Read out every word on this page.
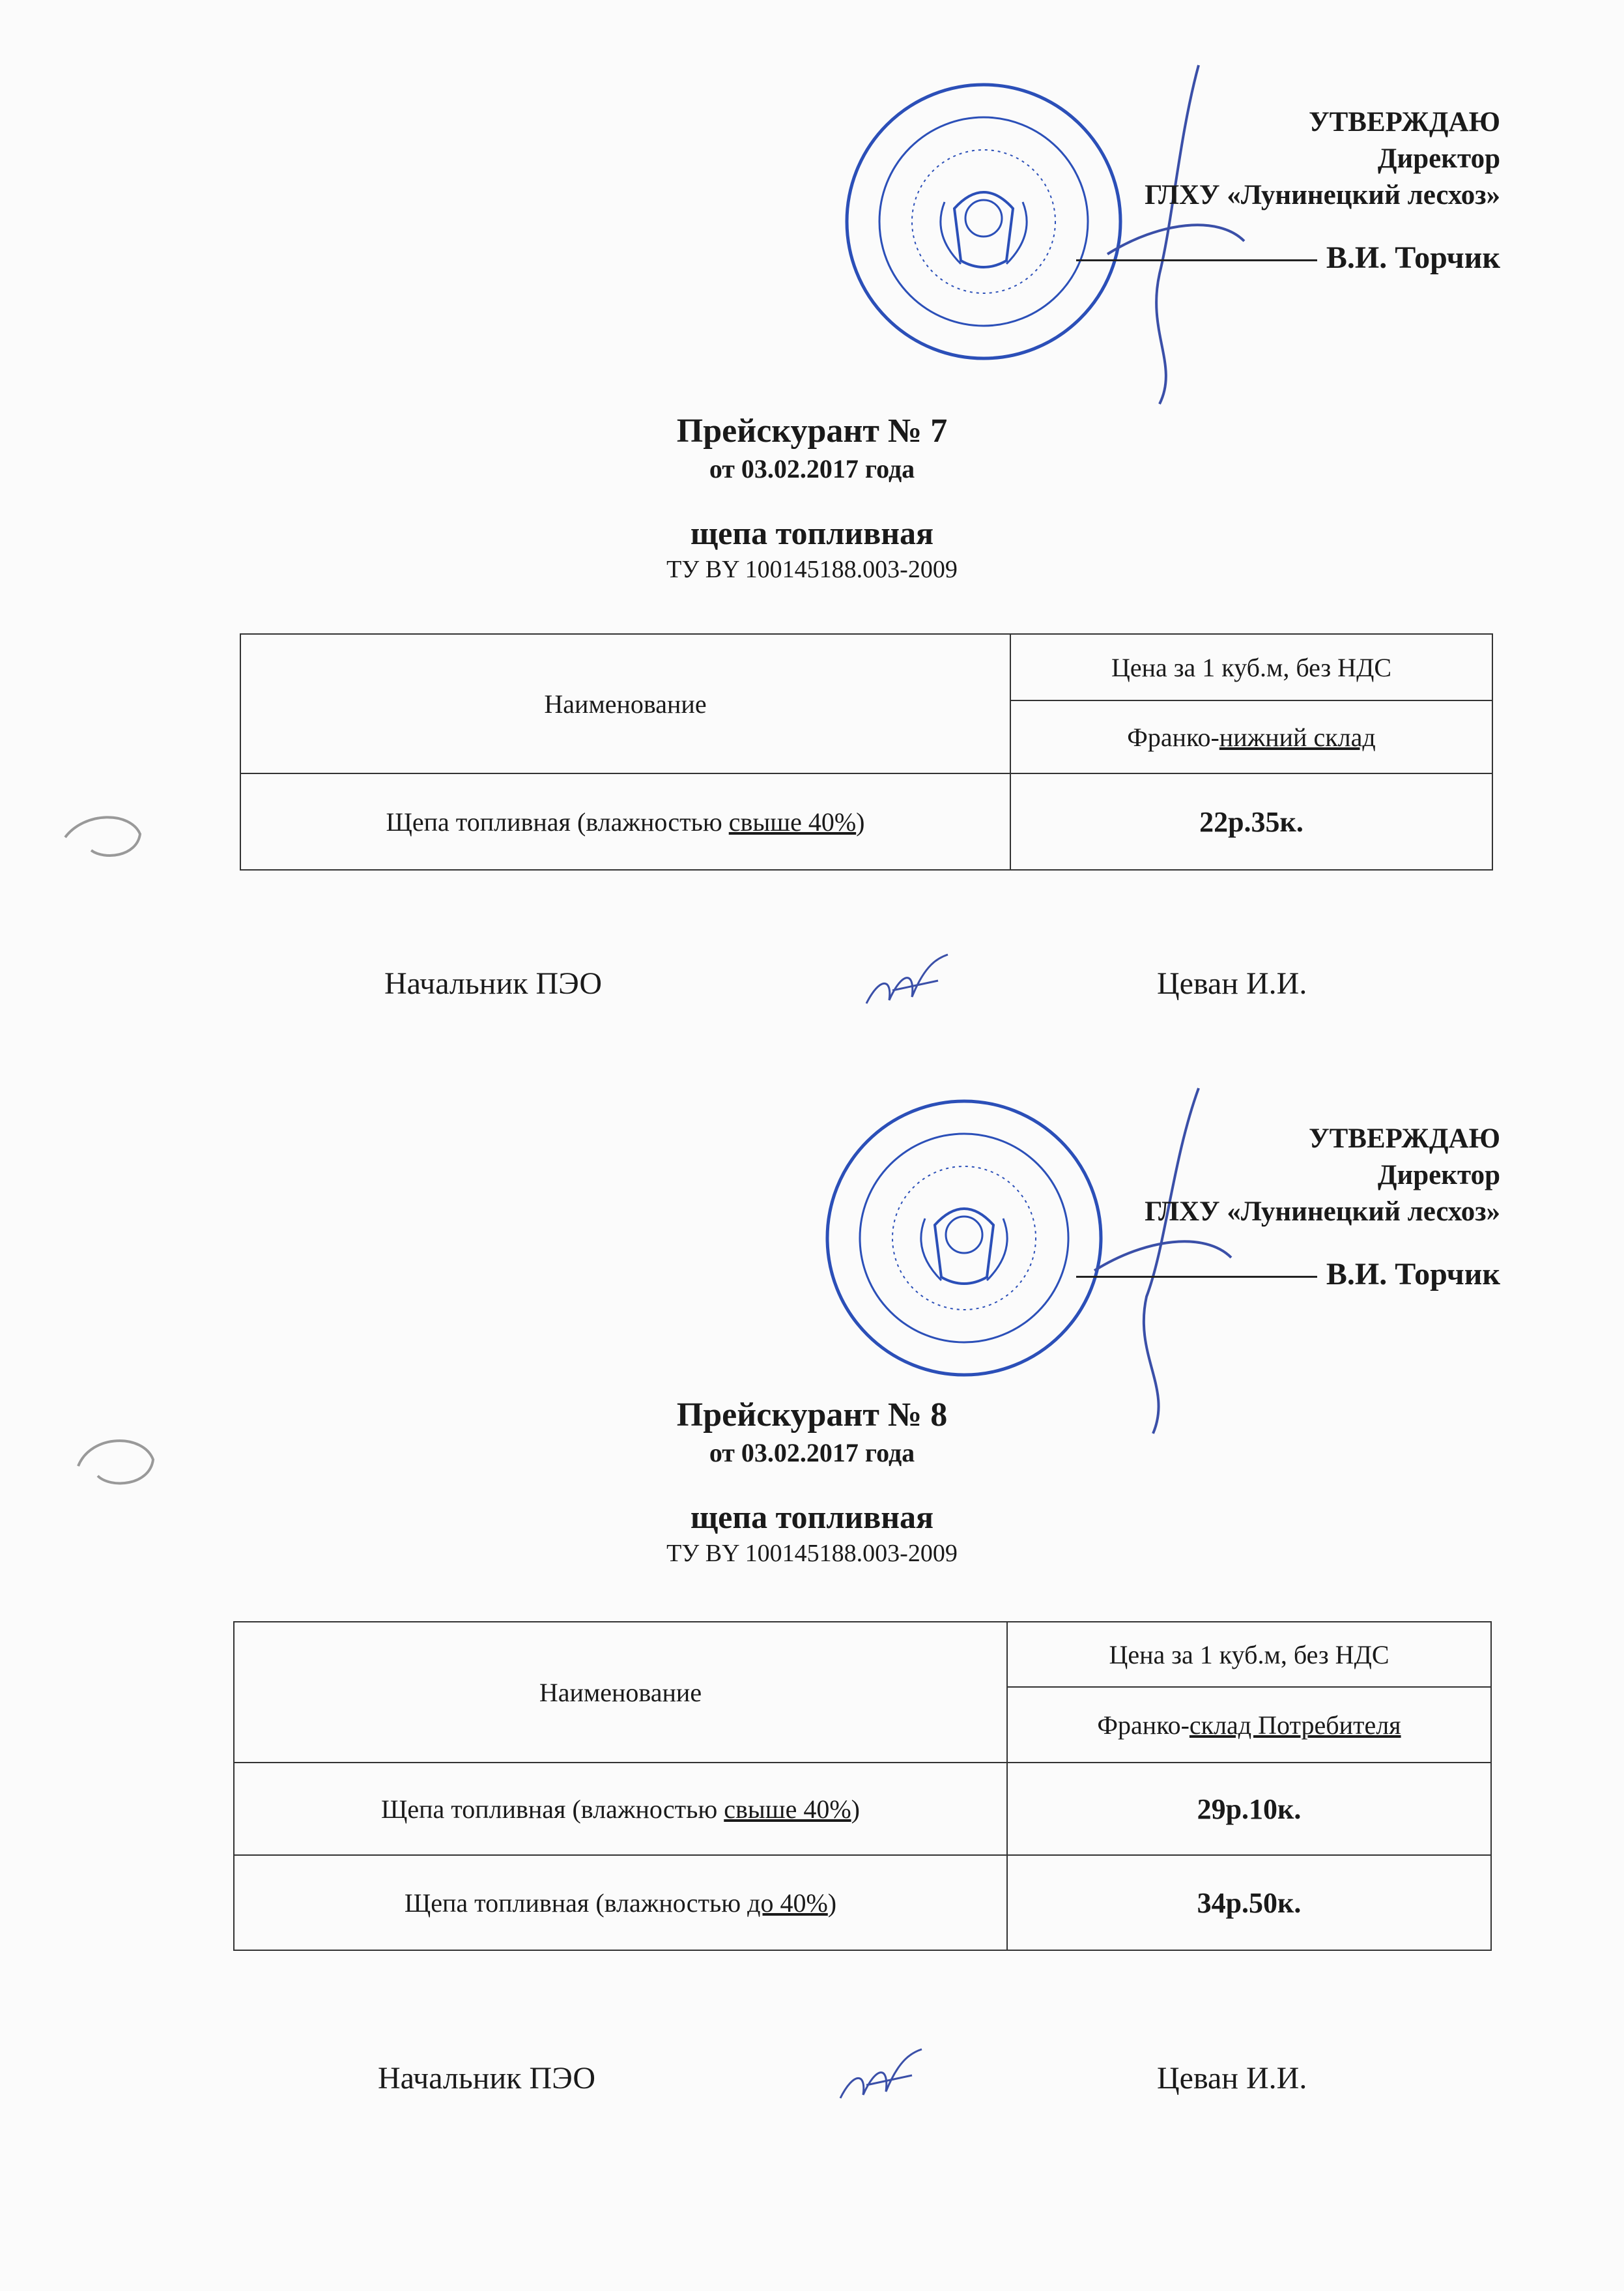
УТВЕРЖДАЮ
Директор
ГЛХУ «Лунинецкий лесхоз»
В.И. Торчик
Прейскурант № 7
от 03.02.2017 года
щепа топливная
ТУ BY 100145188.003-2009
Наименование	Цена за 1 куб.м, без НДС
	Франко-нижний склад
Щепа топливная (влажностью свыше 40%)	22р.35к.
Начальник ПЭО	Цеван И.И.
УТВЕРЖДАЮ
Директор
ГЛХУ «Лунинецкий лесхоз»
В.И. Торчик
Прейскурант № 8
от 03.02.2017 года
щепа топливная
ТУ BY 100145188.003-2009
Наименование	Цена за 1 куб.м, без НДС
	Франко-склад Потребителя
Щепа топливная (влажностью свыше 40%)	29р.10к.
Щепа топливная (влажностью до 40%)	34р.50к.
Начальник ПЭО	Цеван И.И.
